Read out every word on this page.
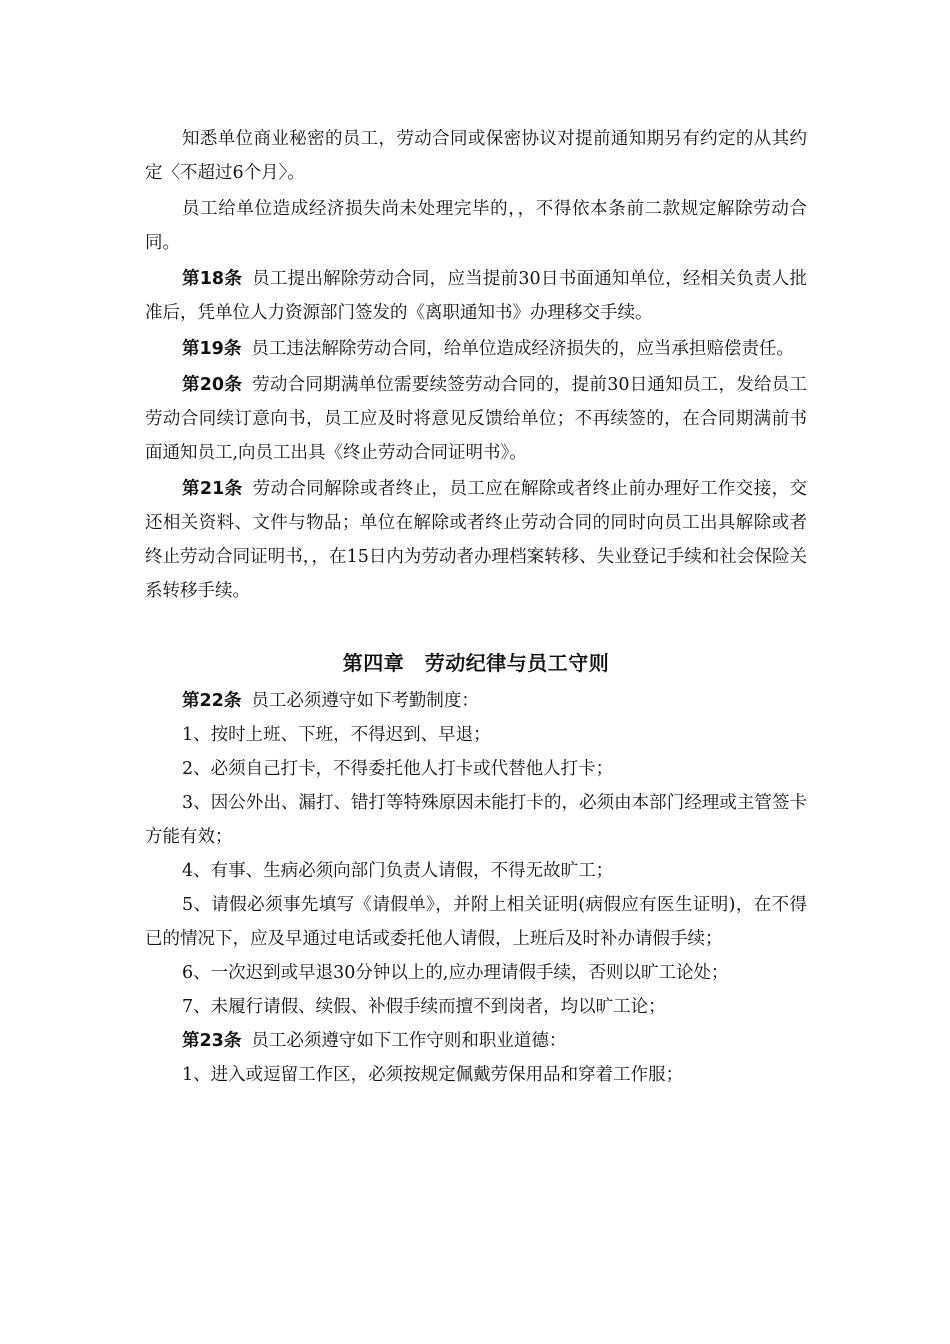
知悉单位商业秘密的员工，劳动合同或保密协议对提前通知期另有约定的从其约定〈不超过6个月〉。

员工给单位造成经济损失尚未处理完毕的，，不得依本条前二款规定解除劳动合同。

第18条 员工提出解除劳动合同，应当提前30日书面通知单位，经相关负责人批准后，凭单位人力资源部门签发的《离职通知书》办理移交手续。

第19条 员工违法解除劳动合同，给单位造成经济损失的，应当承担赔偿责任。

第20条 劳动合同期满单位需要续签劳动合同的，提前30日通知员工，发给员工劳动合同续订意向书，员工应及时将意见反馈给单位；不再续签的，在合同期满前书面通知员工,向员工出具《终止劳动合同证明书》。

第21条 劳动合同解除或者终止，员工应在解除或者终止前办理好工作交接，交还相关资料、文件与物品；单位在解除或者终止劳动合同的同时向员工出具解除或者终止劳动合同证明书，，在15日内为劳动者办理档案转移、失业登记手续和社会保险关系转移手续。

第四章　劳动纪律与员工守则

第22条 员工必须遵守如下考勤制度：

1、按时上班、下班，不得迟到、早退；

2、必须自己打卡，不得委托他人打卡或代替他人打卡；

3、因公外出、漏打、错打等特殊原因未能打卡的，必须由本部门经理或主管签卡方能有效；

4、有事、生病必须向部门负责人请假，不得无故旷工；

5、请假必须事先填写《请假单》，并附上相关证明(病假应有医生证明)，在不得已的情况下，应及早通过电话或委托他人请假，上班后及时补办请假手续；

6、一次迟到或早退30分钟以上的,应办理请假手续，否则以旷工论处；

7、未履行请假、续假、补假手续而擅不到岗者，均以旷工论；

第23条 员工必须遵守如下工作守则和职业道德：

1、进入或逗留工作区，必须按规定佩戴劳保用品和穿着工作服；
